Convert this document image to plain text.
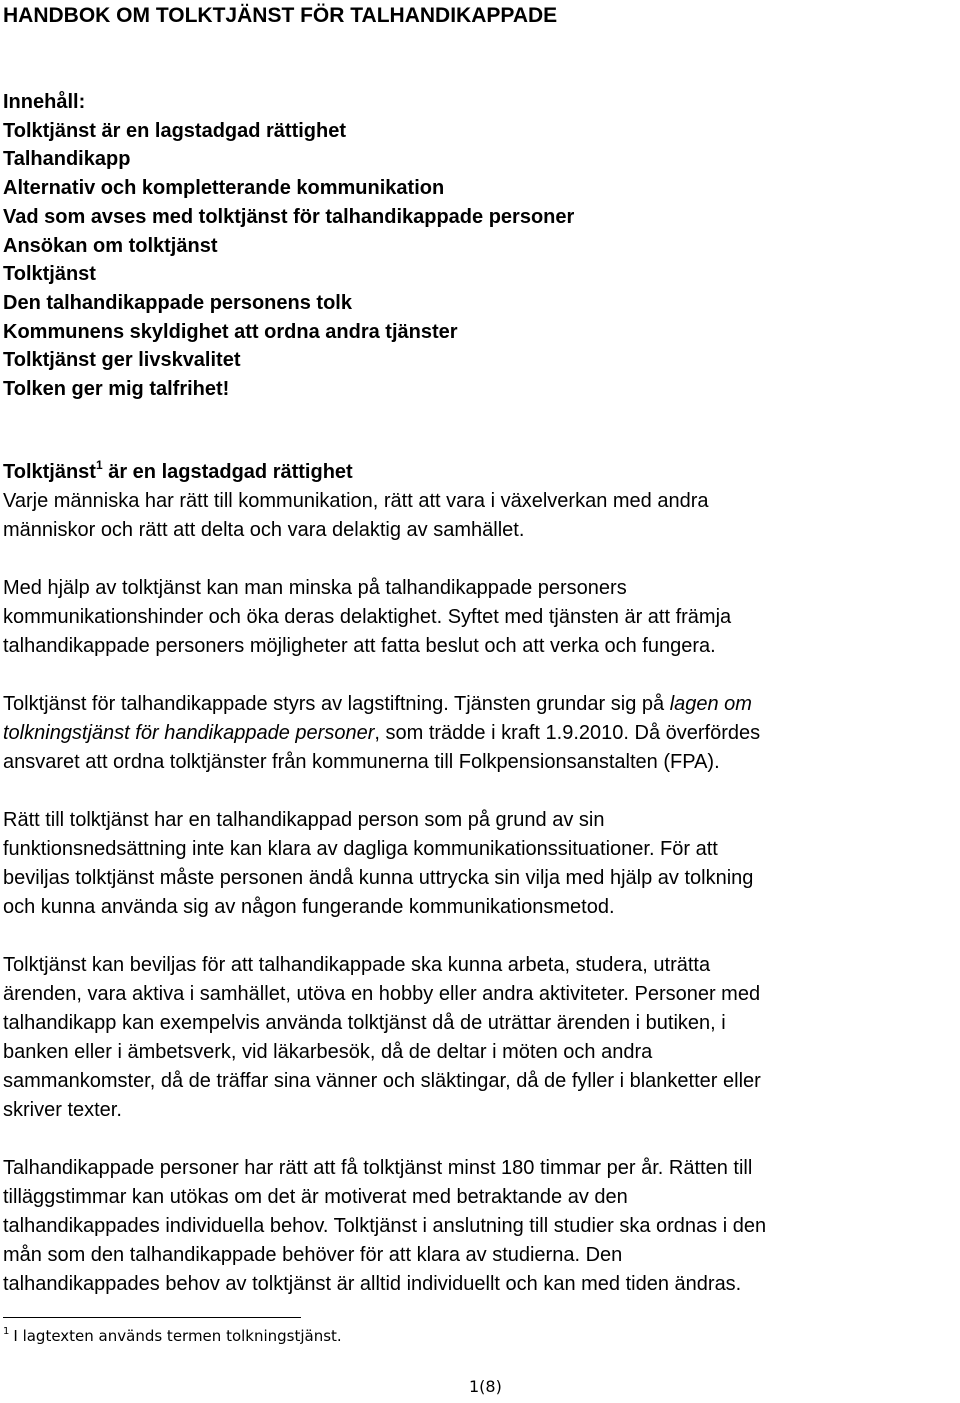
HANDBOK OM TOLKTJÄNST FÖR TALHANDIKAPPADE
Innehåll:
Tolktjänst är en lagstadgad rättighet
Talhandikapp
Alternativ och kompletterande kommunikation
Vad som avses med tolktjänst för talhandikappade personer
Ansökan om tolktjänst
Tolktjänst
Den talhandikappade personens tolk
Kommunens skyldighet att ordna andra tjänster
Tolktjänst ger livskvalitet
Tolken ger mig talfrihet!
Tolktjänst$^1$ är en lagstadgad rättighet

Varje människa har rätt till kommunikation, rätt att vara i växelverkan med andra
människor och rätt att delta och vara delaktig av samhället.

Med hjälp av tolktjänst kan man minska på talhandikappade personers
kommunikationshinder och öka deras delaktighet. Syftet med tjänsten är att främja
talhandikappade personers möjligheter att fatta beslut och att verka och fungera.

Tolktjänst för talhandikappade styrs av lagstiftning. Tjänsten grundar sig på lagen om
tolkningstjänst för handikappade personer, som trädde i kraft 1.9.2010. Då överfördes
ansvaret att ordna tolktjänster från kommunerna till Folkpensionsanstalten (FPA).

Rätt till tolktjänst har en talhandikappad person som på grund av sin
funktionsnedsättning inte kan klara av dagliga kommunikationssituationer. För att
beviljas tolktjänst måste personen ändå kunna uttrycka sin vilja med hjälp av tolkning
och kunna använda sig av någon fungerande kommunikationsmetod.

Tolktjänst kan beviljas för att talhandikappade ska kunna arbeta, studera, uträtta
ärenden, vara aktiva i samhället, utöva en hobby eller andra aktiviteter. Personer med
talhandikapp kan exempelvis använda tolktjänst då de uträttar ärenden i butiken, i
banken eller i ämbetsverk, vid läkarbesök, då de deltar i möten och andra
sammankomster, då de träffar sina vänner och släktingar, då de fyller i blanketter eller
skriver texter.

Talhandikappade personer har rätt att få tolktjänst minst 180 timmar per år. Rätten till
tilläggstimmar kan utökas om det är motiverat med betraktande av den
talhandikappades individuella behov. Tolktjänst i anslutning till studier ska ordnas i den
mån som den talhandikappade behöver för att klara av studierna. Den
talhandikappades behov av tolktjänst är alltid individuellt och kan med tiden ändras.

$^1$ I lagtexten används termen tolkningstjänst.
1(8)
